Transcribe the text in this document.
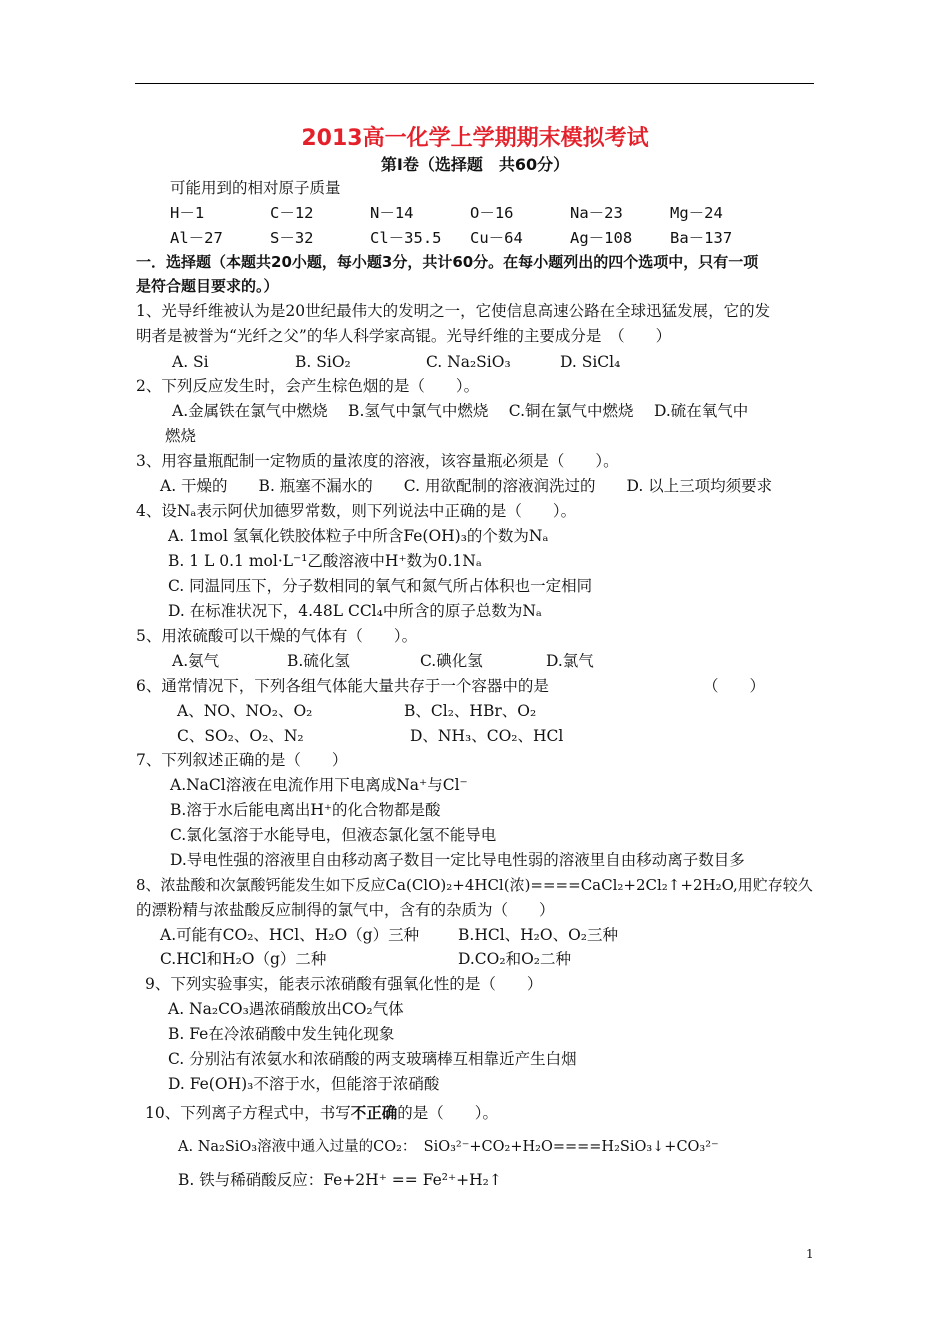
2013高一化学上学期期末模拟考试
第Ⅰ卷（选择题　共60分）
可能用到的相对原子质量
H－1	C－12	N－14	O－16	Na－23	Mg－24
Al－27	S－32	Cl－35.5 Cu－64	Ag－108 Ba－137
一．选择题（本题共20小题，每小题3分，共计60分。在每小题列出的四个选项中，只有一项
是符合题目要求的。）
1、光导纤维被认为是20世纪最伟大的发明之一，它使信息高速公路在全球迅猛发展，它的发
明者是被誉为“光纤之父”的华人科学家高锟。光导纤维的主要成分是　（　　）
A. Si	B. SiO₂	C. Na₂SiO₃	D. SiCl₄
2、下列反应发生时，会产生棕色烟的是（　　）。
A.金属铁在氯气中燃烧　 B.氢气中氯气中燃烧　 C.铜在氯气中燃烧　 D.硫在氧气中
燃烧
3、用容量瓶配制一定物质的量浓度的溶液，该容量瓶必须是（　　）。
A. 干燥的　　B. 瓶塞不漏水的　　C. 用欲配制的溶液润洗过的　　D. 以上三项均须要求
4、设Nₐ表示阿伏加德罗常数，则下列说法中正确的是（　　）。
A. 1mol 氢氧化铁胶体粒子中所含Fe(OH)₃的个数为Nₐ
B. 1 L 0.1 mol·L⁻¹乙酸溶液中H⁺数为0.1Nₐ
C. 同温同压下，分子数相同的氧气和氮气所占体积也一定相同
D. 在标准状况下，4.48L CCl₄中所含的原子总数为Nₐ
5、用浓硫酸可以干燥的气体有（　　）。
A.氨气	B.硫化氢	C.碘化氢	D.氯气
6、通常情况下，下列各组气体能大量共存于一个容器中的是	（　　）
A、NO、NO₂、O₂	B、Cl₂、HBr、O₂
C、SO₂、O₂、N₂	D、NH₃、CO₂、HCl
7、下列叙述正确的是（　　）
A.NaCl溶液在电流作用下电离成Na⁺与Cl⁻
B.溶于水后能电离出H⁺的化合物都是酸
C.氯化氢溶于水能导电，但液态氯化氢不能导电
D.导电性强的溶液里自由移动离子数目一定比导电性弱的溶液里自由移动离子数目多
8、浓盐酸和次氯酸钙能发生如下反应Ca(ClO)₂+4HCl(浓)====CaCl₂+2Cl₂↑+2H₂O,用贮存较久
的漂粉精与浓盐酸反应制得的氯气中，含有的杂质为（　　）
A.可能有CO₂、HCl、H₂O（g）三种	B.HCl、H₂O、O₂三种
C.HCl和H₂O（g）二种	D.CO₂和O₂二种
9、下列实验事实，能表示浓硝酸有强氧化性的是（　　）
A. Na₂CO₃遇浓硝酸放出CO₂气体
B. Fe在冷浓硝酸中发生钝化现象
C. 分别沾有浓氨水和浓硝酸的两支玻璃棒互相靠近产生白烟
D. Fe(OH)₃不溶于水，但能溶于浓硝酸
10、下列离子方程式中，书写不正确的是（　　）。
A. Na₂SiO₃溶液中通入过量的CO₂：　SiO₃²⁻+CO₂+H₂O====H₂SiO₃↓+CO₃²⁻
B. 铁与稀硝酸反应：Fe+2H⁺ == Fe²⁺+H₂↑
1
